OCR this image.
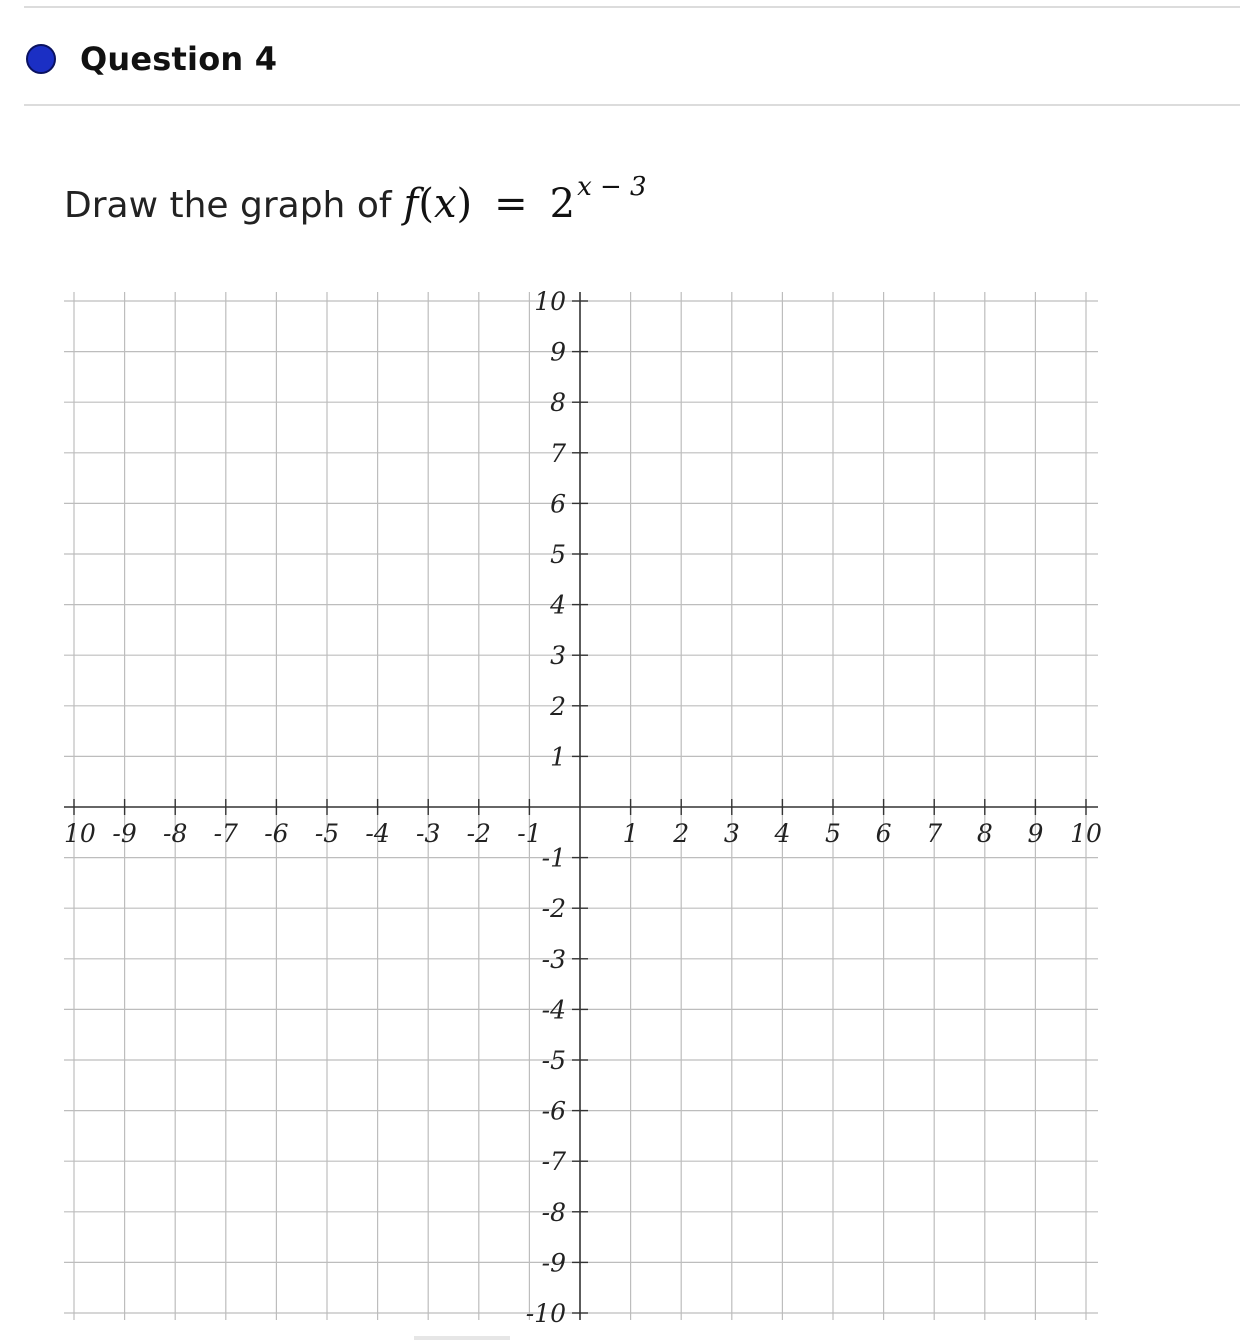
Question 4
Draw the graph of $f(x) = 2^{x - 3}$
10 -9 -8 -7 -6 -5 -4 -3 -2 -1	1 2 3 4 5 6 7 8 9 10
10
9
8
7
6
5
4
3
2
1
-1
-2
-3
-4
-5
-6
-7
-8
-9
-10
